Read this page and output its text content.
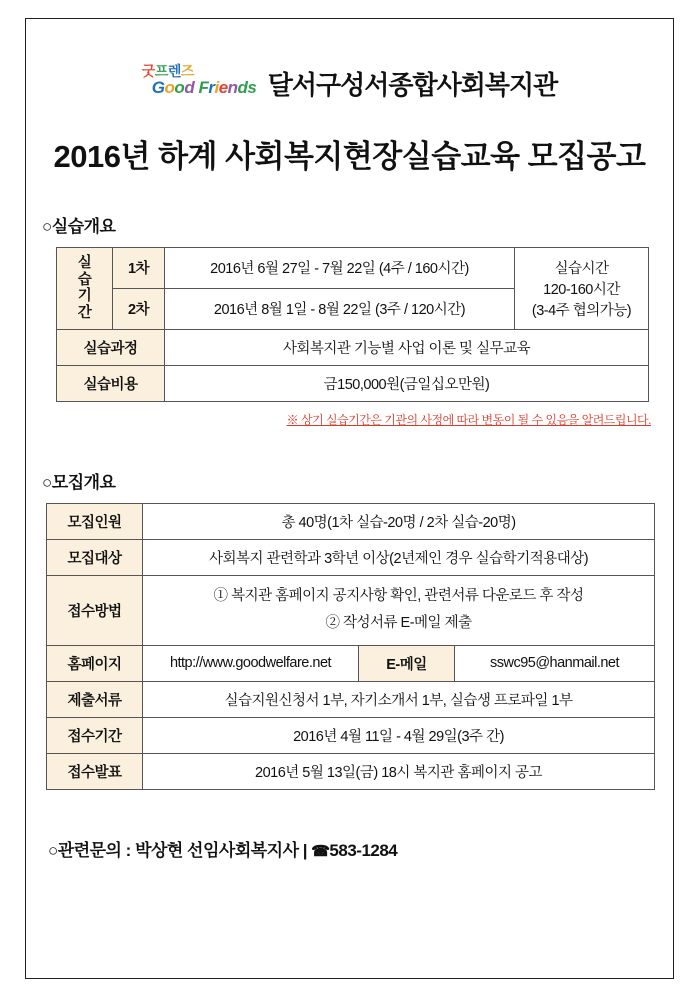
굿프렌즈
Good Friends 달서구성서종합사회복지관
2016년 하계 사회복지현장실습교육 모집공고
○실습개요
실
습
기
간	1차	2016년 6월 27일 - 7월 22일 (4주 / 160시간)	실습시간
120-160시간
(3-4주 협의가능)

	2차	2016년 8월 1일 - 8월 22일 (3주 / 120시간)	
실습과정		사회복지관 기능별 사업 이론 및 실무교육	
실습비용		금150,000원(금일십오만원)	
※ 상기 실습기간은 기관의 사정에 따라 변동이 될 수 있음을 알려드립니다.
○모집개요
모집인원	총 40명(1차 실습-20명 / 2차 실습-20명)		
모집대상	사회복지 관련학과 3학년 이상(2년제인 경우 실습학기적용대상)		
접수방법	① 복지관 홈페이지 공지사항 확인, 관련서류 다운로드 후 작성
② 작성서류 E-메일 제출		

홈페이지	http://www.goodwelfare.net	E-메일	sswc95@hanmail.net
제출서류	실습지원신청서 1부, 자기소개서 1부, 실습생 프로파일 1부		
접수기간	2016년 4월 11일 - 4월 29일(3주 간)		
접수발표	2016년 5월 13일(금) 18시 복지관 홈페이지 공고		
○관련문의 : 박상현 선임사회복지사 | ☎583-1284
